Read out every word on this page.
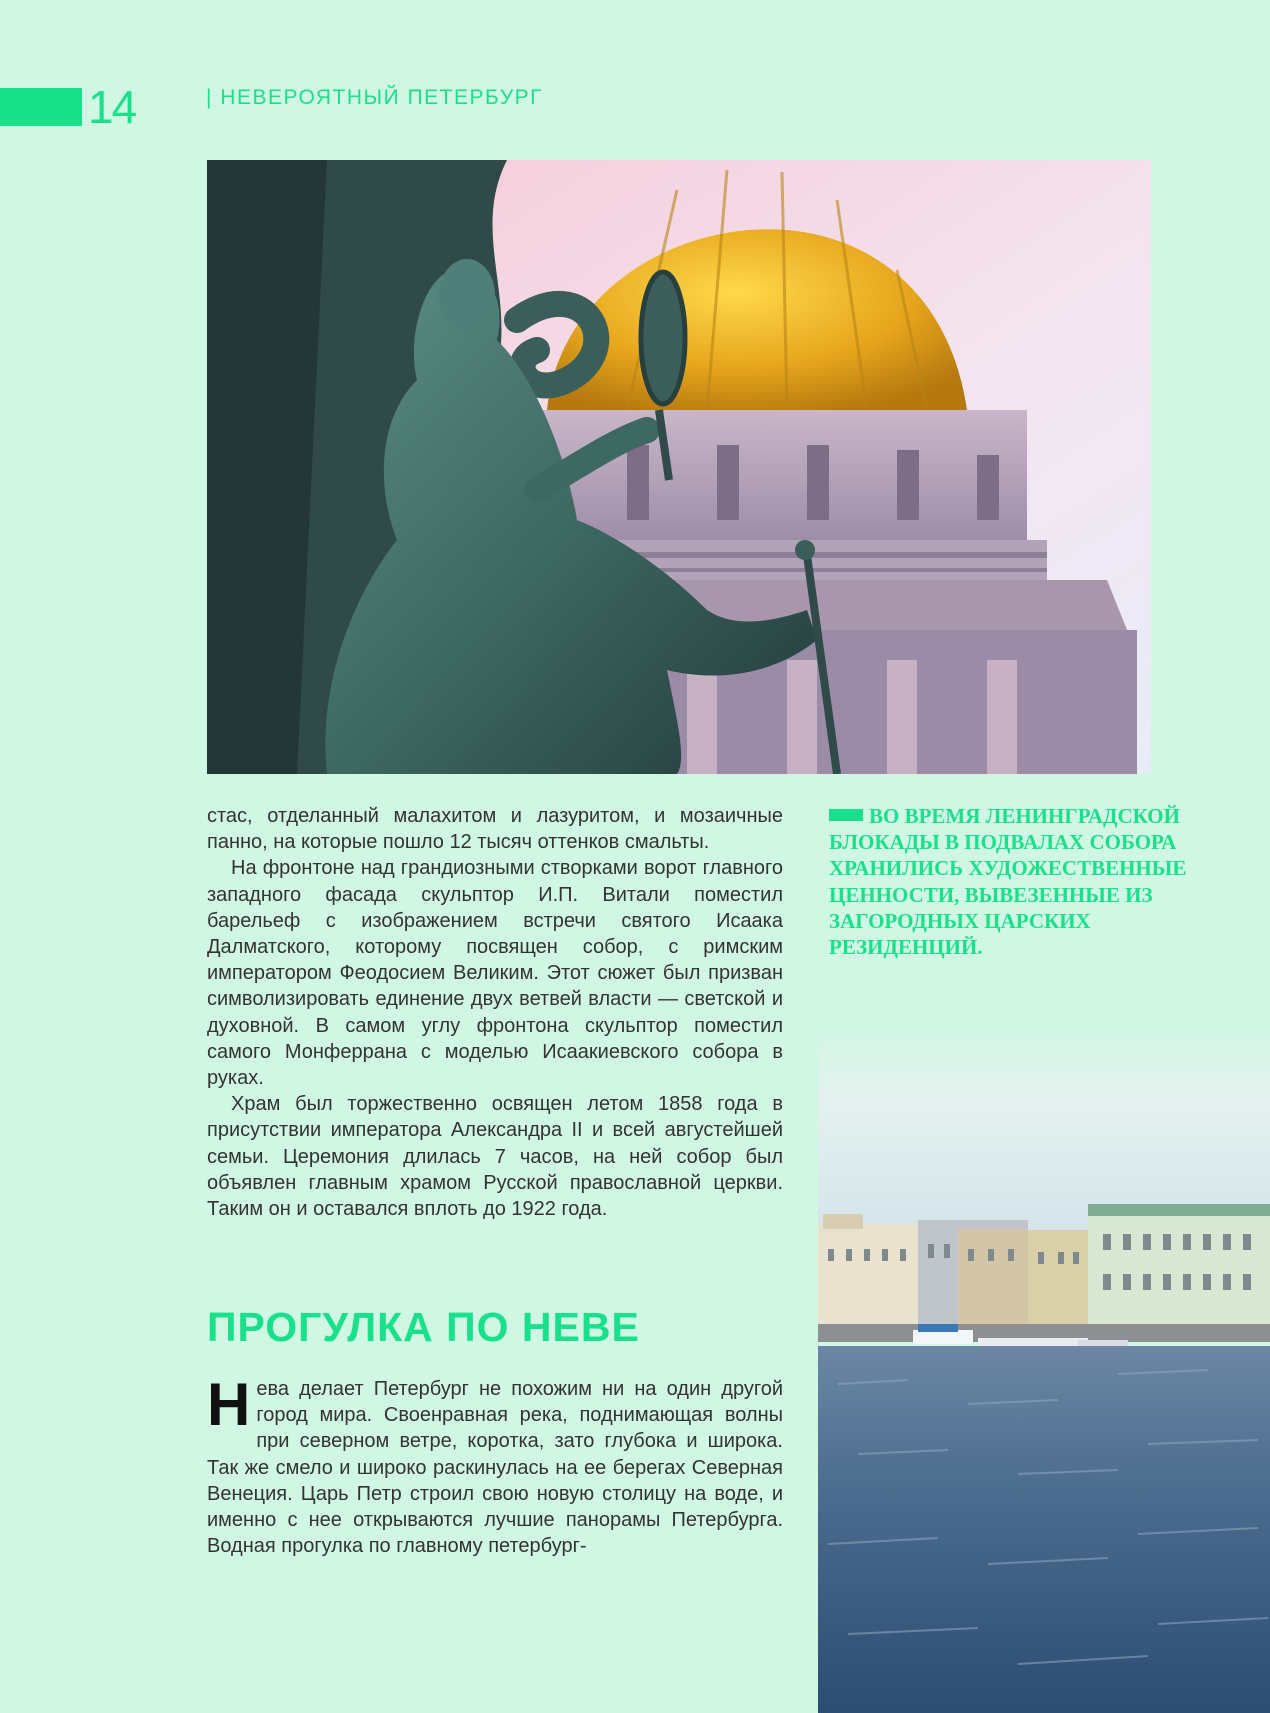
14	| НЕВЕРОЯТНЫЙ ПЕТЕРБУРГ

стас, отделанный малахитом и лазуритом, и мозаичные панно, на которые пошло 12 тысяч оттенков смальты.

На фронтоне над грандиозными створками ворот главного западного фасада скульптор И.П. Витали поместил барельеф с изображением встречи святого Исаака Далматского, которому посвящен собор, с римским императором Феодосием Великим. Этот сюжет был призван символизировать единение двух ветвей власти — светской и духовной. В самом углу фронтона скульптор поместил самого Монферрана с моделью Исаакиевского собора в руках.

Храм был торжественно освящен летом 1858 года в присутствии императора Александра II и всей августейшей семьи. Церемония длилась 7 часов, на ней собор был объявлен главным храмом Русской православной церкви. Таким он и оставался вплоть до 1922 года.

ВО ВРЕМЯ ЛЕНИНГРАДСКОЙ БЛОКАДЫ В ПОДВАЛАХ СОБОРА ХРАНИЛИСЬ ХУДОЖЕСТВЕННЫЕ ЦЕННОСТИ, ВЫВЕЗЕННЫЕ ИЗ ЗАГОРОДНЫХ ЦАРСКИХ РЕЗИДЕНЦИЙ.
ПРОГУЛКА ПО НЕВЕ

Нева делает Петербург не похожим ни на один другой город мира. Своенравная река, поднимающая волны при северном ветре, коротка, зато глубока и широка. Так же смело и широко раскинулась на ее берегах Северная Венеция. Царь Петр строил свою новую столицу на воде, и именно с нее открываются лучшие панорамы Петербурга. Водная прогулка по главному петербург-
